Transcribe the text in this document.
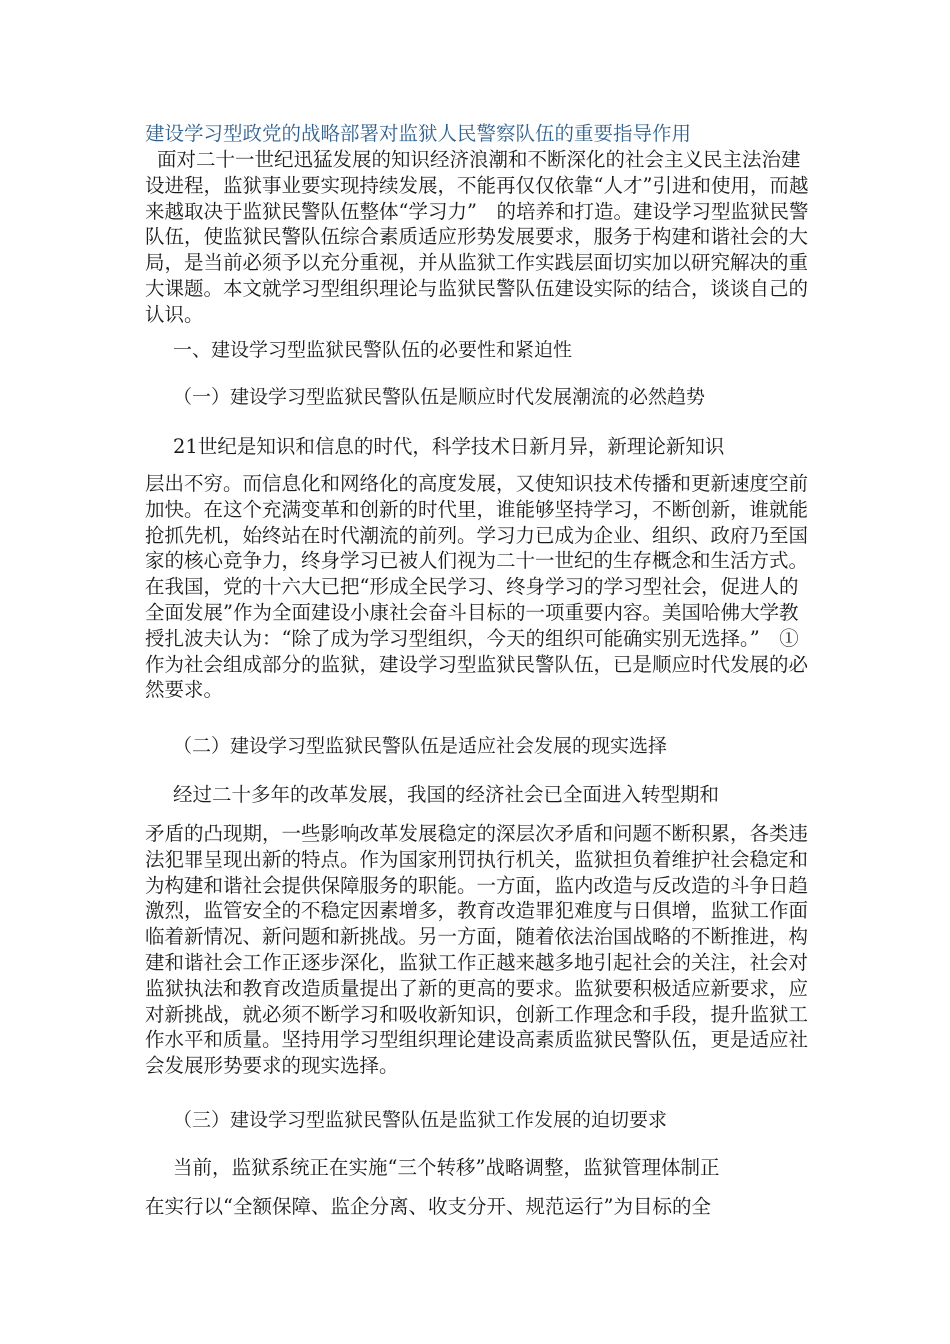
建设学习型政党的战略部署对监狱人民警察队伍的重要指导作用

面对二十一世纪迅猛发展的知识经济浪潮和不断深化的社会主义民主法治建设进程，监狱事业要实现持续发展，不能再仅仅依靠“人才”引进和使用，而越来越取决于监狱民警队伍整体“学习力”　的培养和打造。建设学习型监狱民警队伍，使监狱民警队伍综合素质适应形势发展要求，服务于构建和谐社会的大局，是当前必须予以充分重视，并从监狱工作实践层面切实加以研究解决的重大课题。本文就学习型组织理论与监狱民警队伍建设实际的结合，谈谈自己的认识。

一、建设学习型监狱民警队伍的必要性和紧迫性

（一）建设学习型监狱民警队伍是顺应时代发展潮流的必然趋势

21世纪是知识和信息的时代，科学技术日新月异，新理论新知识

层出不穷。而信息化和网络化的高度发展，又使知识技术传播和更新速度空前加快。在这个充满变革和创新的时代里，谁能够坚持学习，不断创新，谁就能抢抓先机，始终站在时代潮流的前列。学习力已成为企业、组织、政府乃至国家的核心竞争力，终身学习已被人们视为二十一世纪的生存概念和生活方式。在我国，党的十六大已把“形成全民学习、终身学习的学习型社会，促进人的全面发展”作为全面建设小康社会奋斗目标的一项重要内容。美国哈佛大学教授扎波夫认为：“除了成为学习型组织，今天的组织可能确实别无选择。”　①作为社会组成部分的监狱，建设学习型监狱民警队伍，已是顺应时代发展的必然要求。

（二）建设学习型监狱民警队伍是适应社会发展的现实选择

经过二十多年的改革发展，我国的经济社会已全面进入转型期和

矛盾的凸现期，一些影响改革发展稳定的深层次矛盾和问题不断积累，各类违法犯罪呈现出新的特点。作为国家刑罚执行机关，监狱担负着维护社会稳定和为构建和谐社会提供保障服务的职能。一方面，监内改造与反改造的斗争日趋激烈，监管安全的不稳定因素增多，教育改造罪犯难度与日俱增，监狱工作面临着新情况、新问题和新挑战。另一方面，随着依法治国战略的不断推进，构建和谐社会工作正逐步深化，监狱工作正越来越多地引起社会的关注，社会对监狱执法和教育改造质量提出了新的更高的要求。监狱要积极适应新要求，应对新挑战，就必须不断学习和吸收新知识，创新工作理念和手段，提升监狱工作水平和质量。坚持用学习型组织理论建设高素质监狱民警队伍，更是适应社会发展形势要求的现实选择。

（三）建设学习型监狱民警队伍是监狱工作发展的迫切要求

当前，监狱系统正在实施“三个转移”战略调整，监狱管理体制正

在实行以“全额保障、监企分离、收支分开、规范运行”为目标的全
